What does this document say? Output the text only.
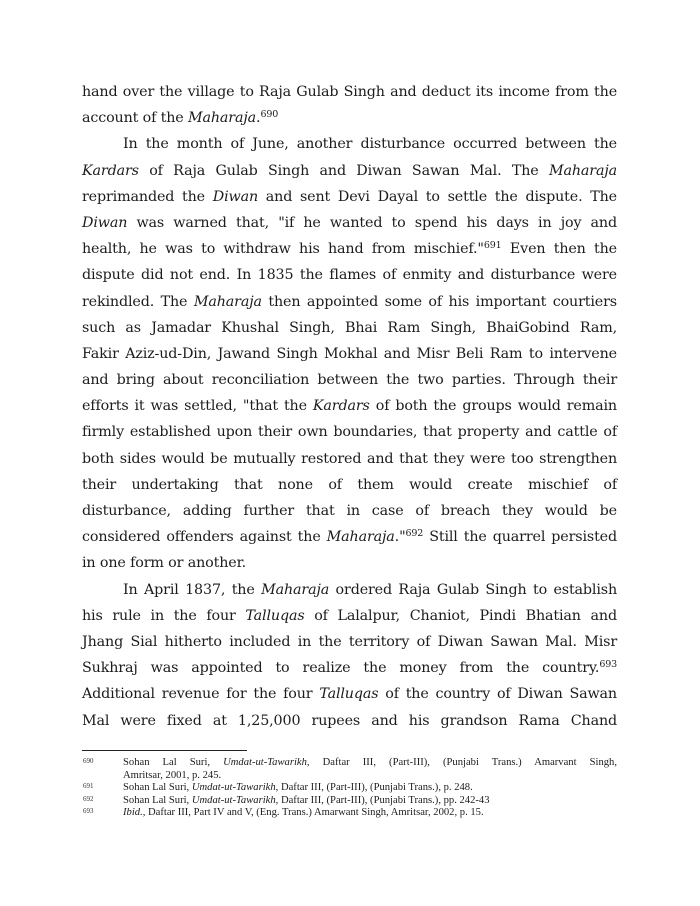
hand over the village to Raja Gulab Singh and deduct its income from the
account of the Maharaja.$^{690}$
In the month of June, another disturbance occurred between the
Kardars of Raja Gulab Singh and Diwan Sawan Mal. The Maharaja
reprimanded the Diwan and sent Devi Dayal to settle the dispute. The
Diwan was warned that, "if he wanted to spend his days in joy and
health, he was to withdraw his hand from mischief."$^{691}$ Even then the
dispute did not end. In 1835 the flames of enmity and disturbance were
rekindled. The Maharaja then appointed some of his important courtiers
such as Jamadar Khushal Singh, Bhai Ram Singh, BhaiGobind Ram,
Fakir Aziz-ud-Din, Jawand Singh Mokhal and Misr Beli Ram to intervene
and bring about reconciliation between the two parties. Through their
efforts it was settled, "that the Kardars of both the groups would remain
firmly established upon their own boundaries, that property and cattle of
both sides would be mutually restored and that they were too strengthen
their undertaking that none of them would create mischief of
disturbance, adding further that in case of breach they would be
considered offenders against the Maharaja."$^{692}$ Still the quarrel persisted
in one form or another.
In April 1837, the Maharaja ordered Raja Gulab Singh to establish
his rule in the four Talluqas of Lalalpur, Chaniot, Pindi Bhatian and
Jhang Sial hitherto included in the territory of Diwan Sawan Mal. Misr
Sukhraj was appointed to realize the money from the country.$^{693}$
Additional revenue for the four Talluqas of the country of Diwan Sawan
Mal were fixed at 1,25,000 rupees and his grandson Rama Chand
690	Sohan Lal Suri, Umdat-ut-Tawarikh, Daftar III, (Part-III), (Punjabi Trans.) Amarvant Singh,
Amritsar, 2001, p. 245.
691	Sohan Lal Suri, Umdat-ut-Tawarikh, Daftar III, (Part-III), (Punjabi Trans.), p. 248.
692	Sohan Lal Suri, Umdat-ut-Tawarikh, Daftar III, (Part-III), (Punjabi Trans.), pp. 242-43
693	Ibid., Daftar III, Part IV and V, (Eng. Trans.) Amarwant Singh, Amritsar, 2002, p. 15.
